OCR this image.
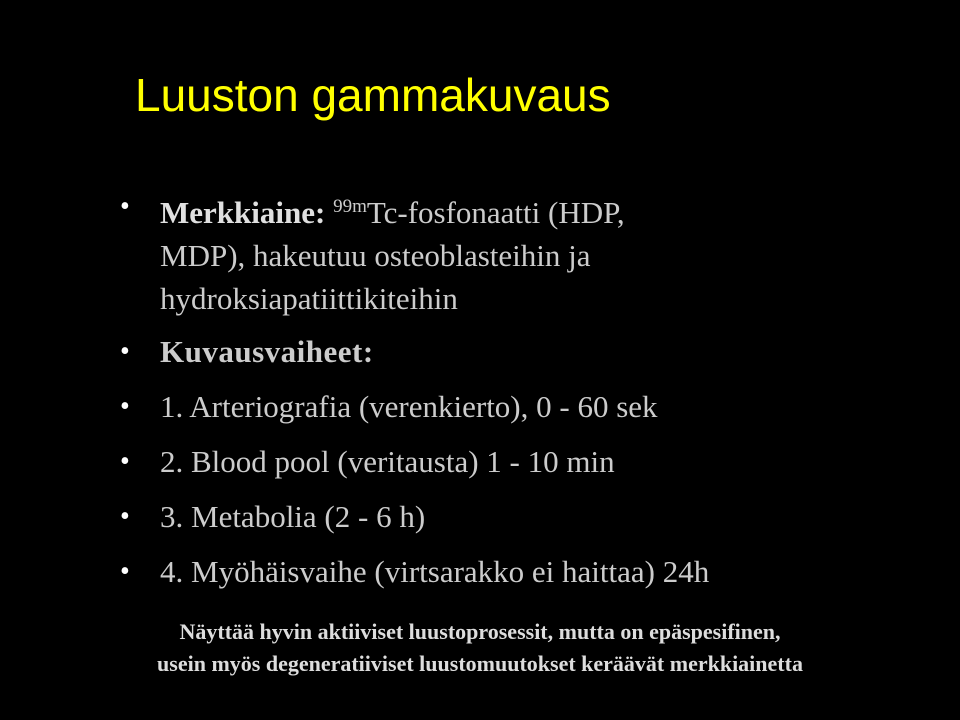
Luuston gammakuvaus
• Merkkiaine: $^{99m}$Tc-fosfonaatti (HDP,
MDP), hakeutuu osteoblasteihin ja
hydroksiapatiittikiteihin
• Kuvausvaiheet:
• 1. Arteriografia (verenkierto), 0 - 60 sek
• 2. Blood pool (veritausta) 1 - 10 min
• 3. Metabolia (2 - 6 h)
• 4. Myöhäisvaihe (virtsarakko ei haittaa) 24h
Näyttää hyvin aktiiviset luustoprosessit, mutta on epäspesifinen,
usein myös degeneratiiviset luustomuutokset keräävät merkkiainetta
